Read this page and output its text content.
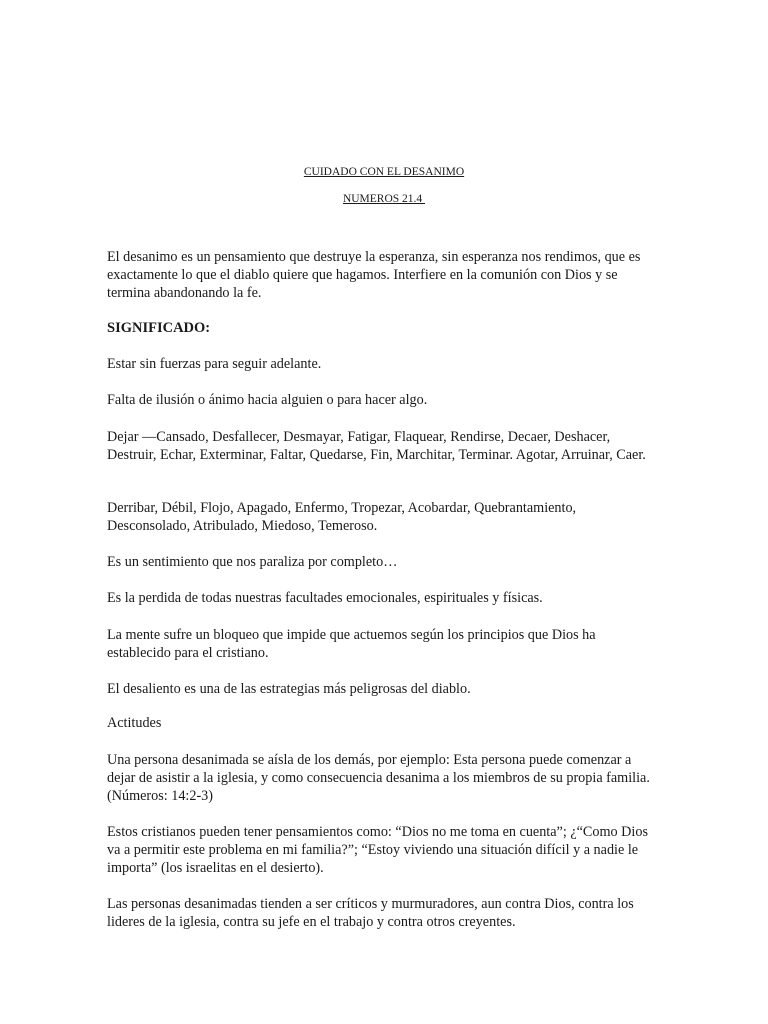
CUIDADO CON EL DESANIMO
NUMEROS 21.4

El desanimo es un pensamiento que destruye la esperanza, sin esperanza nos rendimos, que es exactamente lo que el diablo quiere que hagamos. Interfiere en la comunión con Dios y se termina abandonando la fe.

SIGNIFICADO:

Estar sin fuerzas para seguir adelante.

Falta de ilusión o ánimo hacia alguien o para hacer algo.

Dejar —Cansado, Desfallecer, Desmayar, Fatigar, Flaquear, Rendirse, Decaer, Deshacer, Destruir, Echar, Exterminar, Faltar, Quedarse, Fin, Marchitar, Terminar. Agotar, Arruinar, Caer.

Derribar, Débil, Flojo, Apagado, Enfermo, Tropezar, Acobardar, Quebrantamiento, Desconsolado, Atribulado, Miedoso, Temeroso.

Es un sentimiento que nos paraliza por completo…

Es la perdida de todas nuestras facultades emocionales, espirituales y físicas.

La mente sufre un bloqueo que impide que actuemos según los principios que Dios ha establecido para el cristiano.

El desaliento es una de las estrategias más peligrosas del diablo.

Actitudes

Una persona desanimada se aísla de los demás, por ejemplo: Esta persona puede comenzar a dejar de asistir a la iglesia, y como consecuencia desanima a los miembros de su propia familia. (Números: 14:2-3)

Estos cristianos pueden tener pensamientos como: “Dios no me toma en cuenta”; ¿“Como Dios va a permitir este problema en mi familia?”; “Estoy viviendo una situación difícil y a nadie le importa” (los israelitas en el desierto).

Las personas desanimadas tienden a ser críticos y murmuradores, aun contra Dios, contra los lideres de la iglesia, contra su jefe en el trabajo y contra otros creyentes.
